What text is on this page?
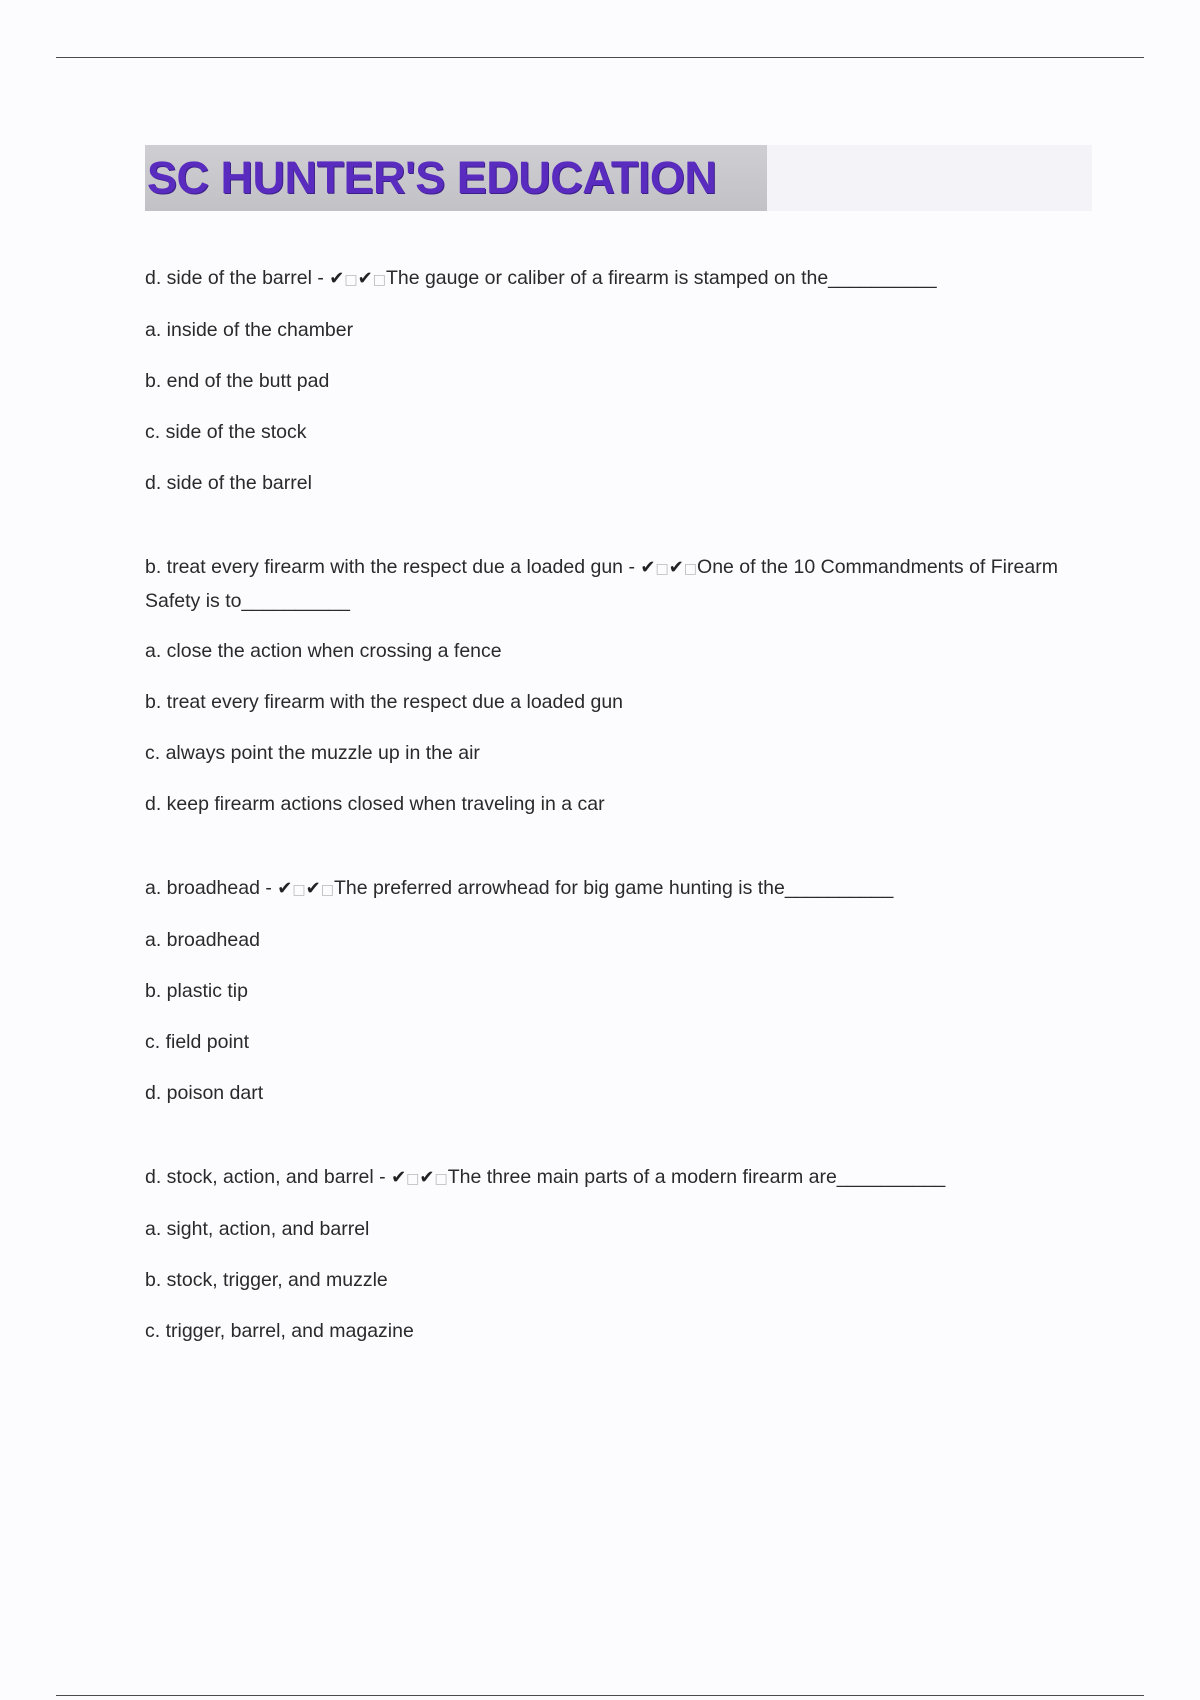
SC HUNTER'S EDUCATION

d. side of the barrel - ✔□✔□The gauge or caliber of a firearm is stamped on the__________

a. inside of the chamber

b. end of the butt pad

c. side of the stock

d. side of the barrel

b. treat every firearm with the respect due a loaded gun - ✔□✔□One of the 10 Commandments of Firearm Safety is to__________

a. close the action when crossing a fence

b. treat every firearm with the respect due a loaded gun

c. always point the muzzle up in the air

d. keep firearm actions closed when traveling in a car

a. broadhead - ✔□✔□The preferred arrowhead for big game hunting is the__________

a. broadhead

b. plastic tip

c. field point

d. poison dart

d. stock, action, and barrel - ✔□✔□The three main parts of a modern firearm are__________

a. sight, action, and barrel

b. stock, trigger, and muzzle

c. trigger, barrel, and magazine
